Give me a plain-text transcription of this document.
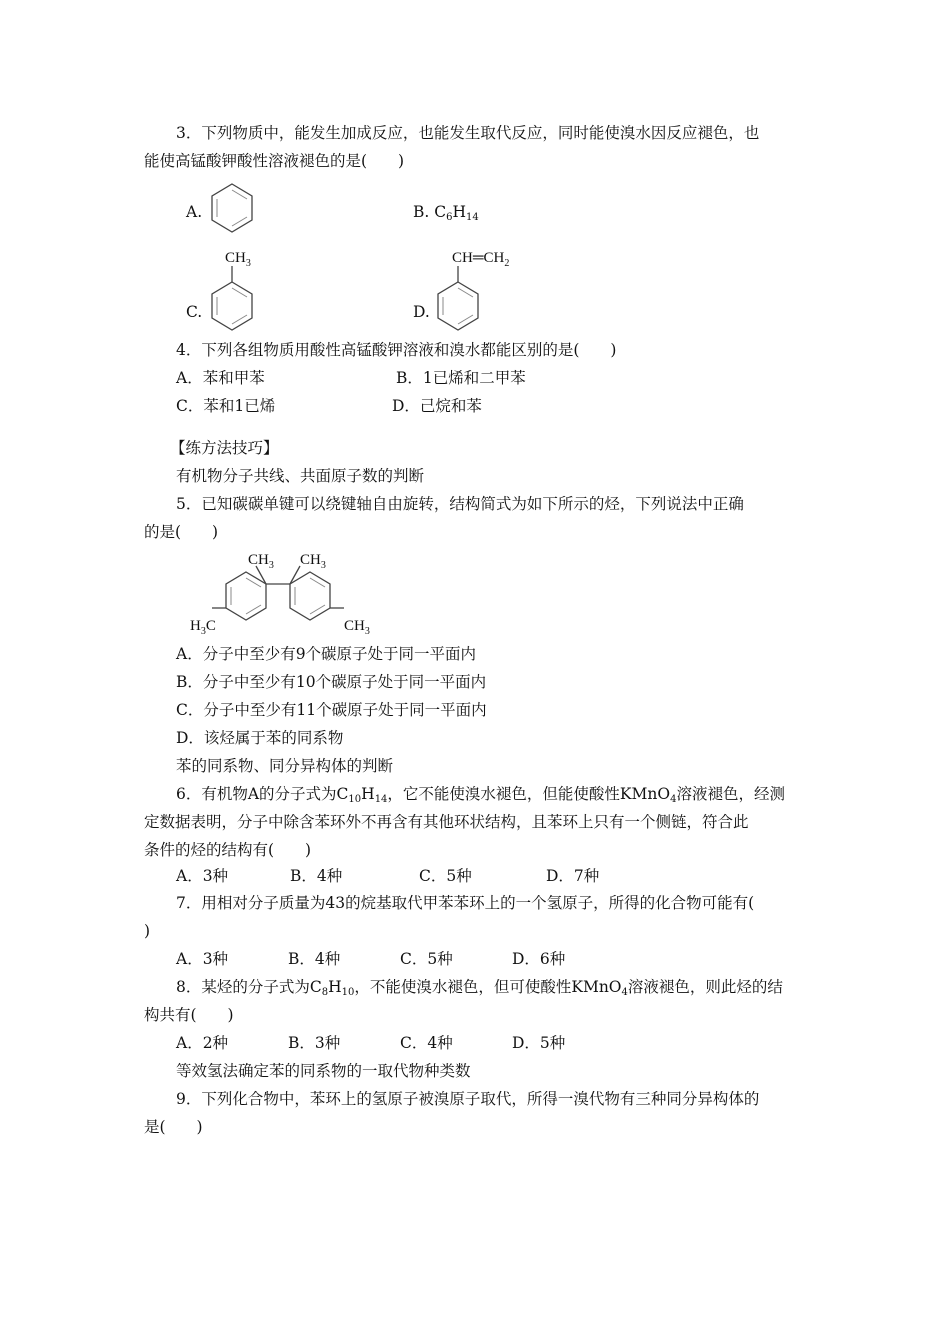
3．下列物质中，能发生加成反应，也能发生取代反应，同时能使溴水因反应褪色，也
能使高锰酸钾酸性溶液褪色的是(　　)
A.	B. $C_6H_{14}$
C.
$CH_3$
D.
$CH═CH_2$
4．下列各组物质用酸性高锰酸钾溶液和溴水都能区别的是(　　)
A．苯和甲苯	B．1已烯和二甲苯
C．苯和1已烯	D．己烷和苯
【练方法技巧】
有机物分子共线、共面原子数的判断
5．已知碳碳单键可以绕键轴自由旋转，结构简式为如下所示的烃，下列说法中正确
的是(　　)
$CH_3$ $CH_3$
$H_3C$	$CH_3$
A．分子中至少有9个碳原子处于同一平面内
B．分子中至少有10个碳原子处于同一平面内
C．分子中至少有11个碳原子处于同一平面内
D．该烃属于苯的同系物
苯的同系物、同分异构体的判断
6．有机物A的分子式为$C_{10}H_{14}$，它不能使溴水褪色，但能使酸性KMnO$_4$溶液褪色，经测
定数据表明，分子中除含苯环外不再含有其他环状结构，且苯环上只有一个侧链，符合此
条件的烃的结构有(　　)
A．3种	B．4种	C．5种	D．7种
7．用相对分子质量为43的烷基取代甲苯苯环上的一个氢原子，所得的化合物可能有(
)
A．3种	B．4种	C．5种	D．6种
8．某烃的分子式为$C_8H_{10}$，不能使溴水褪色，但可使酸性KMnO$_4$溶液褪色，则此烃的结
构共有(　　)
A．2种	B．3种	C．4种	D．5种
等效氢法确定苯的同系物的一取代物种类数
9．下列化合物中，苯环上的氢原子被溴原子取代，所得一溴代物有三种同分异构体的
是(　　)
